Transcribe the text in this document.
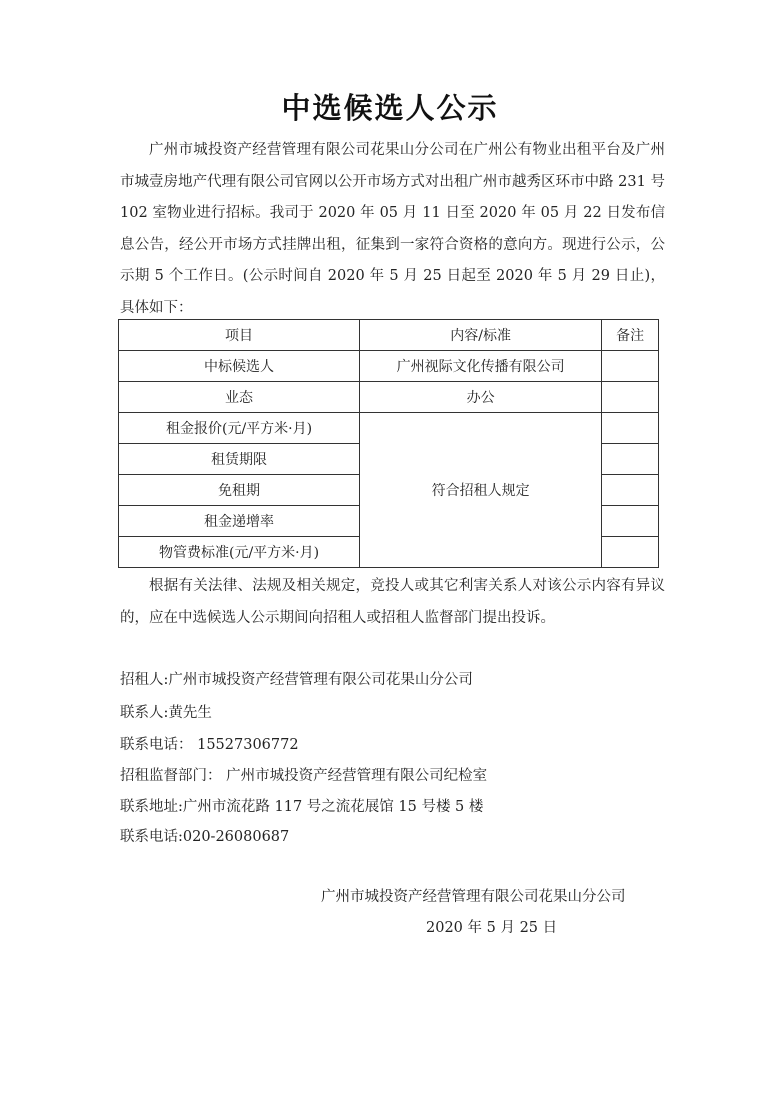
中选候选人公示

广州市城投资产经营管理有限公司花果山分公司在广州公有物业出租平台及广州市城壹房地产代理有限公司官网以公开市场方式对出租广州市越秀区环市中路 231 号 102 室物业进行招标。我司于 2020 年 05 月 11 日至 2020 年 05 月 22 日发布信息公告，经公开市场方式挂牌出租，征集到一家符合资格的意向方。现进行公示，公示期 5 个工作日。(公示时间自 2020 年 5 月 25 日起至 2020 年 5 月 29 日止)，具体如下：

项目	内容/标准	备注
中标候选人	广州视际文化传播有限公司	
业态	办公	
租金报价(元/平方米·月)	符合招租人规定	
租赁期限		
免租期		
租金递增率		
物管费标准(元/平方米·月)		

根据有关法律、法规及相关规定，竞投人或其它利害关系人对该公示内容有异议的，应在中选候选人公示期间向招租人或招租人监督部门提出投诉。

招租人:广州市城投资产经营管理有限公司花果山分公司
联系人:黄先生
联系电话： 15527306772
招租监督部门： 广州市城投资产经营管理有限公司纪检室
联系地址:广州市流花路 117 号之流花展馆 15 号楼 5 楼
联系电话:020-26080687
广州市城投资产经营管理有限公司花果山分公司
2020 年 5 月 25 日
